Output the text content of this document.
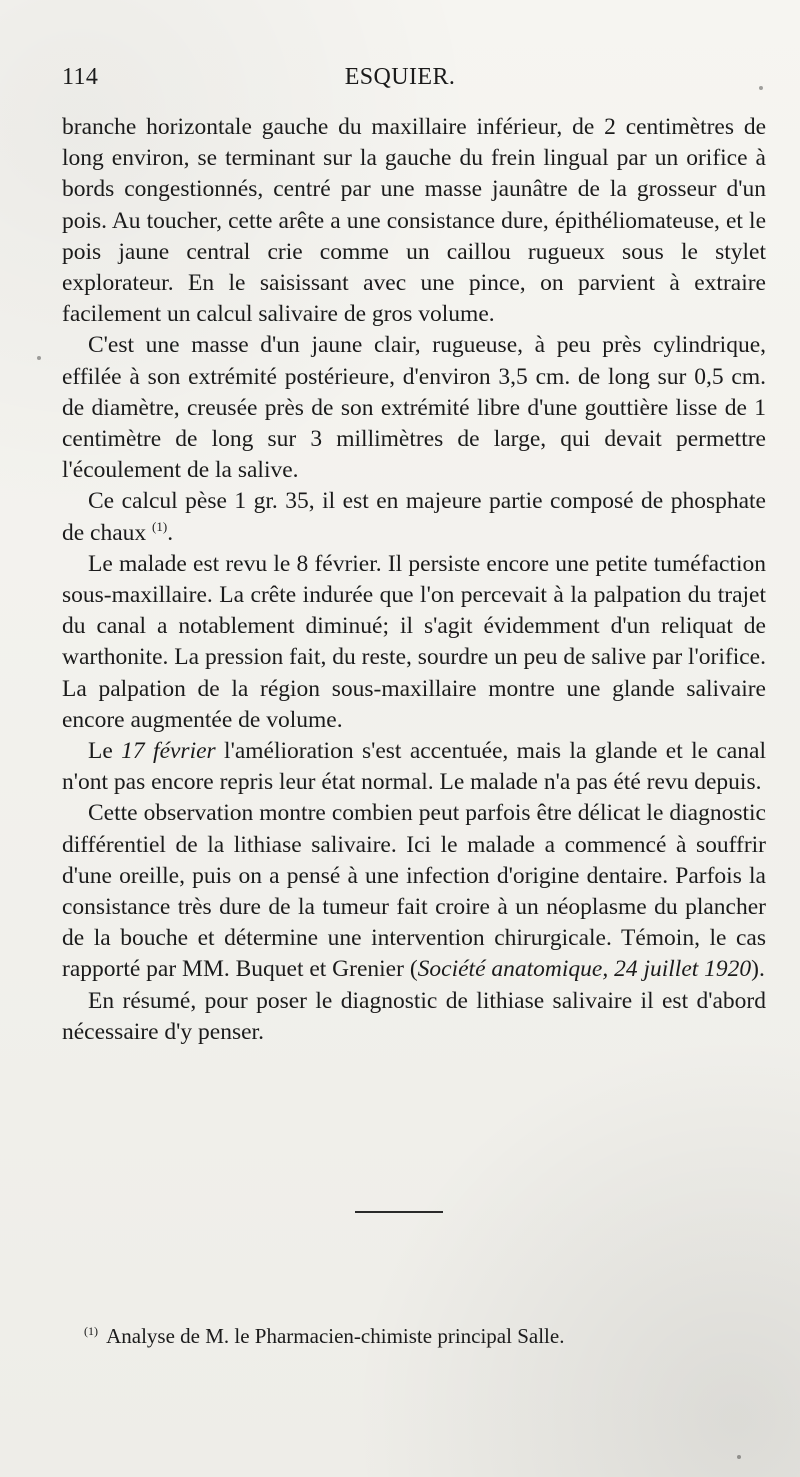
114	ESQUIER.

branche horizontale gauche du maxillaire inférieur, de 2 centimètres de long environ, se terminant sur la gauche du frein lingual par un orifice à bords congestionnés, centré par une masse jaunâtre de la grosseur d'un pois. Au toucher, cette arête a une consistance dure, épithéliomateuse, et le pois jaune central crie comme un caillou rugueux sous le stylet explorateur. En le saisissant avec une pince, on parvient à extraire facilement un calcul salivaire de gros volume.

C'est une masse d'un jaune clair, rugueuse, à peu près cylindrique, effilée à son extrémité postérieure, d'environ 3,5 cm. de long sur 0,5 cm. de diamètre, creusée près de son extrémité libre d'une gouttière lisse de 1 centimètre de long sur 3 millimètres de large, qui devait permettre l'écoulement de la salive.

Ce calcul pèse 1 gr. 35, il est en majeure partie composé de phosphate de chaux $^{(1)}$.

Le malade est revu le 8 février. Il persiste encore une petite tuméfaction sous-maxillaire. La crête indurée que l'on percevait à la palpation du trajet du canal a notablement diminué; il s'agit évidemment d'un reliquat de warthonite. La pression fait, du reste, sourdre un peu de salive par l'orifice. La palpation de la région sous-maxillaire montre une glande salivaire encore augmentée de volume.

Le 17 février l'amélioration s'est accentuée, mais la glande et le canal n'ont pas encore repris leur état normal. Le malade n'a pas été revu depuis.

Cette observation montre combien peut parfois être délicat le diagnostic différentiel de la lithiase salivaire. Ici le malade a commencé à souffrir d'une oreille, puis on a pensé à une infection d'origine dentaire. Parfois la consistance très dure de la tumeur fait croire à un néoplasme du plancher de la bouche et détermine une intervention chirurgicale. Témoin, le cas rapporté par MM. Buquet et Grenier (Société anatomique, 24 juillet 1920).

En résumé, pour poser le diagnostic de lithiase salivaire il est d'abord nécessaire d'y penser.

$^{(1)}$ Analyse de M. le Pharmacien-chimiste principal Salle.
